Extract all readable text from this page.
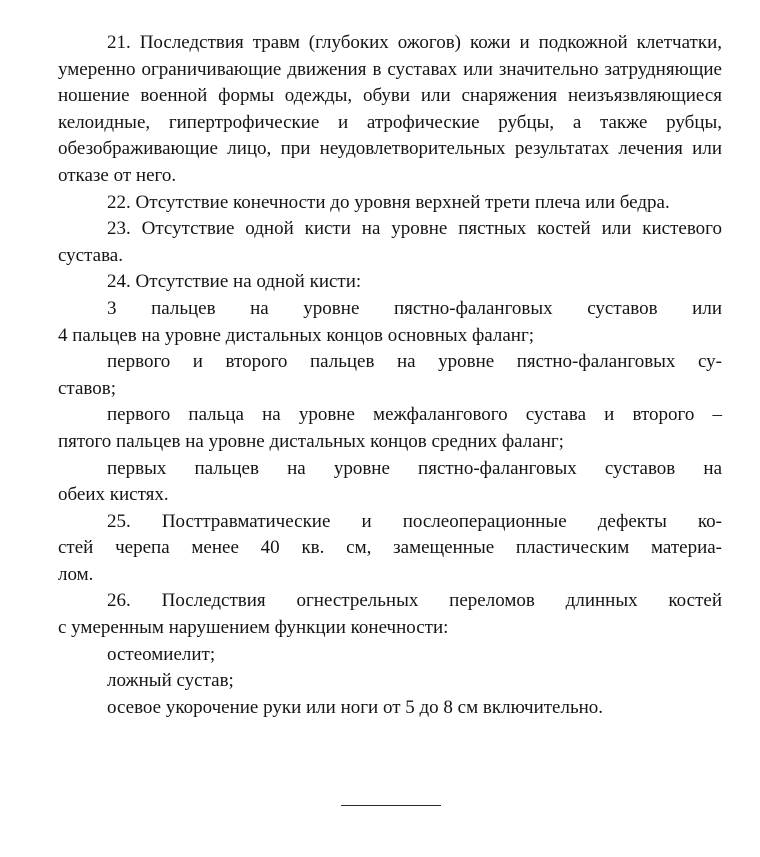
21. Последствия травм (глубоких ожогов) кожи и подкожной клетчатки, умеренно ограничивающие движения в суставах или значительно затрудняющие ношение военной формы одежды, обуви или снаряжения неизъязвляющиеся келоидные, гипертрофические и атрофические рубцы, а также рубцы, обезображивающие лицо, при неудовлетворительных результатах лечения или отказе от него.

22. Отсутствие конечности до уровня верхней трети плеча или бедра.

23. Отсутствие одной кисти на уровне пястных костей или кистевого сустава.

24. Отсутствие на одной кисти:

3 пальцев на уровне пястно-фаланговых суставов или
4 пальцев на уровне дистальных концов основных фаланг;

первого и второго пальцев на уровне пястно-фаланговых су-
ставов;

первого пальца на уровне межфалангового сустава и второго –
пятого пальцев на уровне дистальных концов средних фаланг;

первых пальцев на уровне пястно-фаланговых суставов на
обеих кистях.

25. Посттравматические и послеоперационные дефекты ко-
стей черепа менее 40 кв. см, замещенные пластическим материа-
лом.

26. Последствия огнестрельных переломов длинных костей
с умеренным нарушением функции конечности:

остеомиелит;

ложный сустав;

осевое укорочение руки или ноги от 5 до 8 см включительно.
